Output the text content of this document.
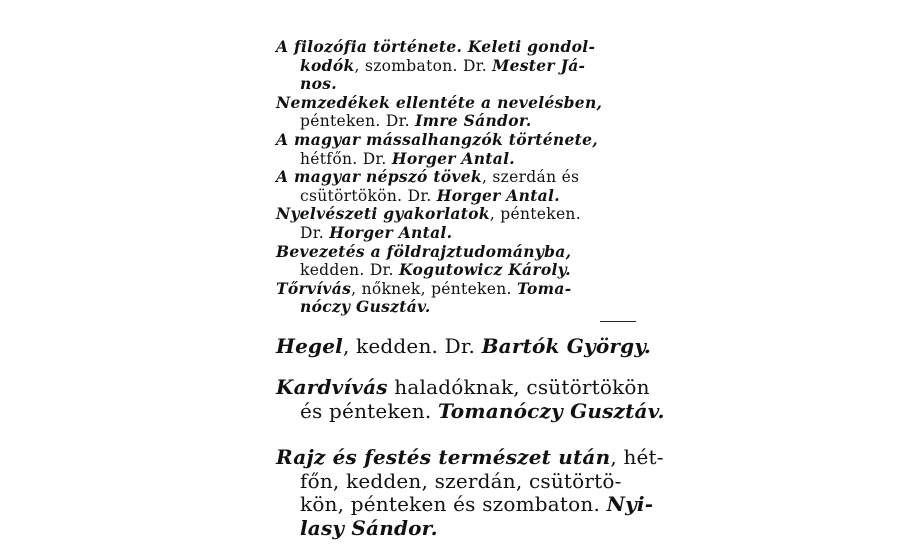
A filozófia története. Keleti gondol-
kodók, szombaton. Dr. Mester Já-
nos.
Nemzedékek ellentéte a nevelésben,
pénteken. Dr. Imre Sándor.
A magyar mássalhangzók története,
hétfőn. Dr. Horger Antal.
A magyar népszó tövek, szerdán és
csütörtökön. Dr. Horger Antal.
Nyelvészeti gyakorlatok, pénteken.
Dr. Horger Antal.
Bevezetés a földrajztudományba,
kedden. Dr. Kogutowicz Károly.
Tőrvívás, nőknek, pénteken. Toma-
nóczy Gusztáv.
Hegel, kedden. Dr. Bartók György.
Kardvívás haladóknak, csütörtökön
és pénteken. Tomanóczy Gusztáv.
Rajz és festés természet után, hét-
főn, kedden, szerdán, csütörtö-
kön, pénteken és szombaton. Nyi-
lasy Sándor.
